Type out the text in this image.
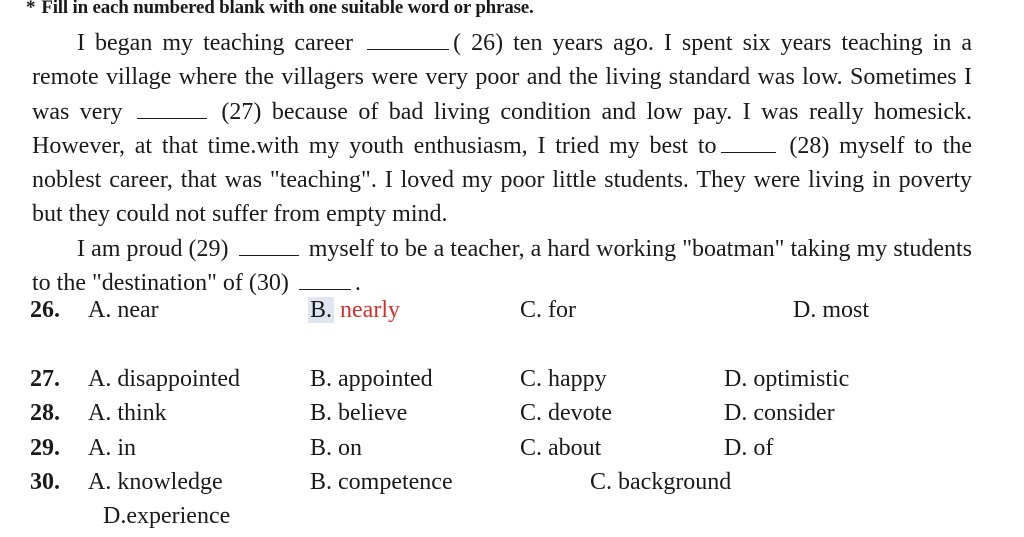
* Fill in each numbered blank with one suitable word or phrase.

I began my teaching career	( 26) ten years ago. I spent six years teaching in a remote village where the villagers were very poor and the living standard was low. Sometimes I was very	(27) because of bad living condition and low pay. I was really homesick. However, at that time.with my youth enthusiasm, I tried my best to	(28) myself to the noblest career, that was "teaching". I loved my poor little students. They were living in poverty but they could not suffer from empty mind.

I am proud (29)	myself to be a teacher, a hard working "boatman" taking my students to the "destination" of (30)	.

26. A. near	B. nearly	C. for	D. most
27. A. disappointed	B. appointed	C. happy	D. optimistic
28. A. think	B. believe	C. devote	D. consider
29. A. in	B. on	C. about	D. of
30. A. knowledge	B. competence	C. background
D.experience
